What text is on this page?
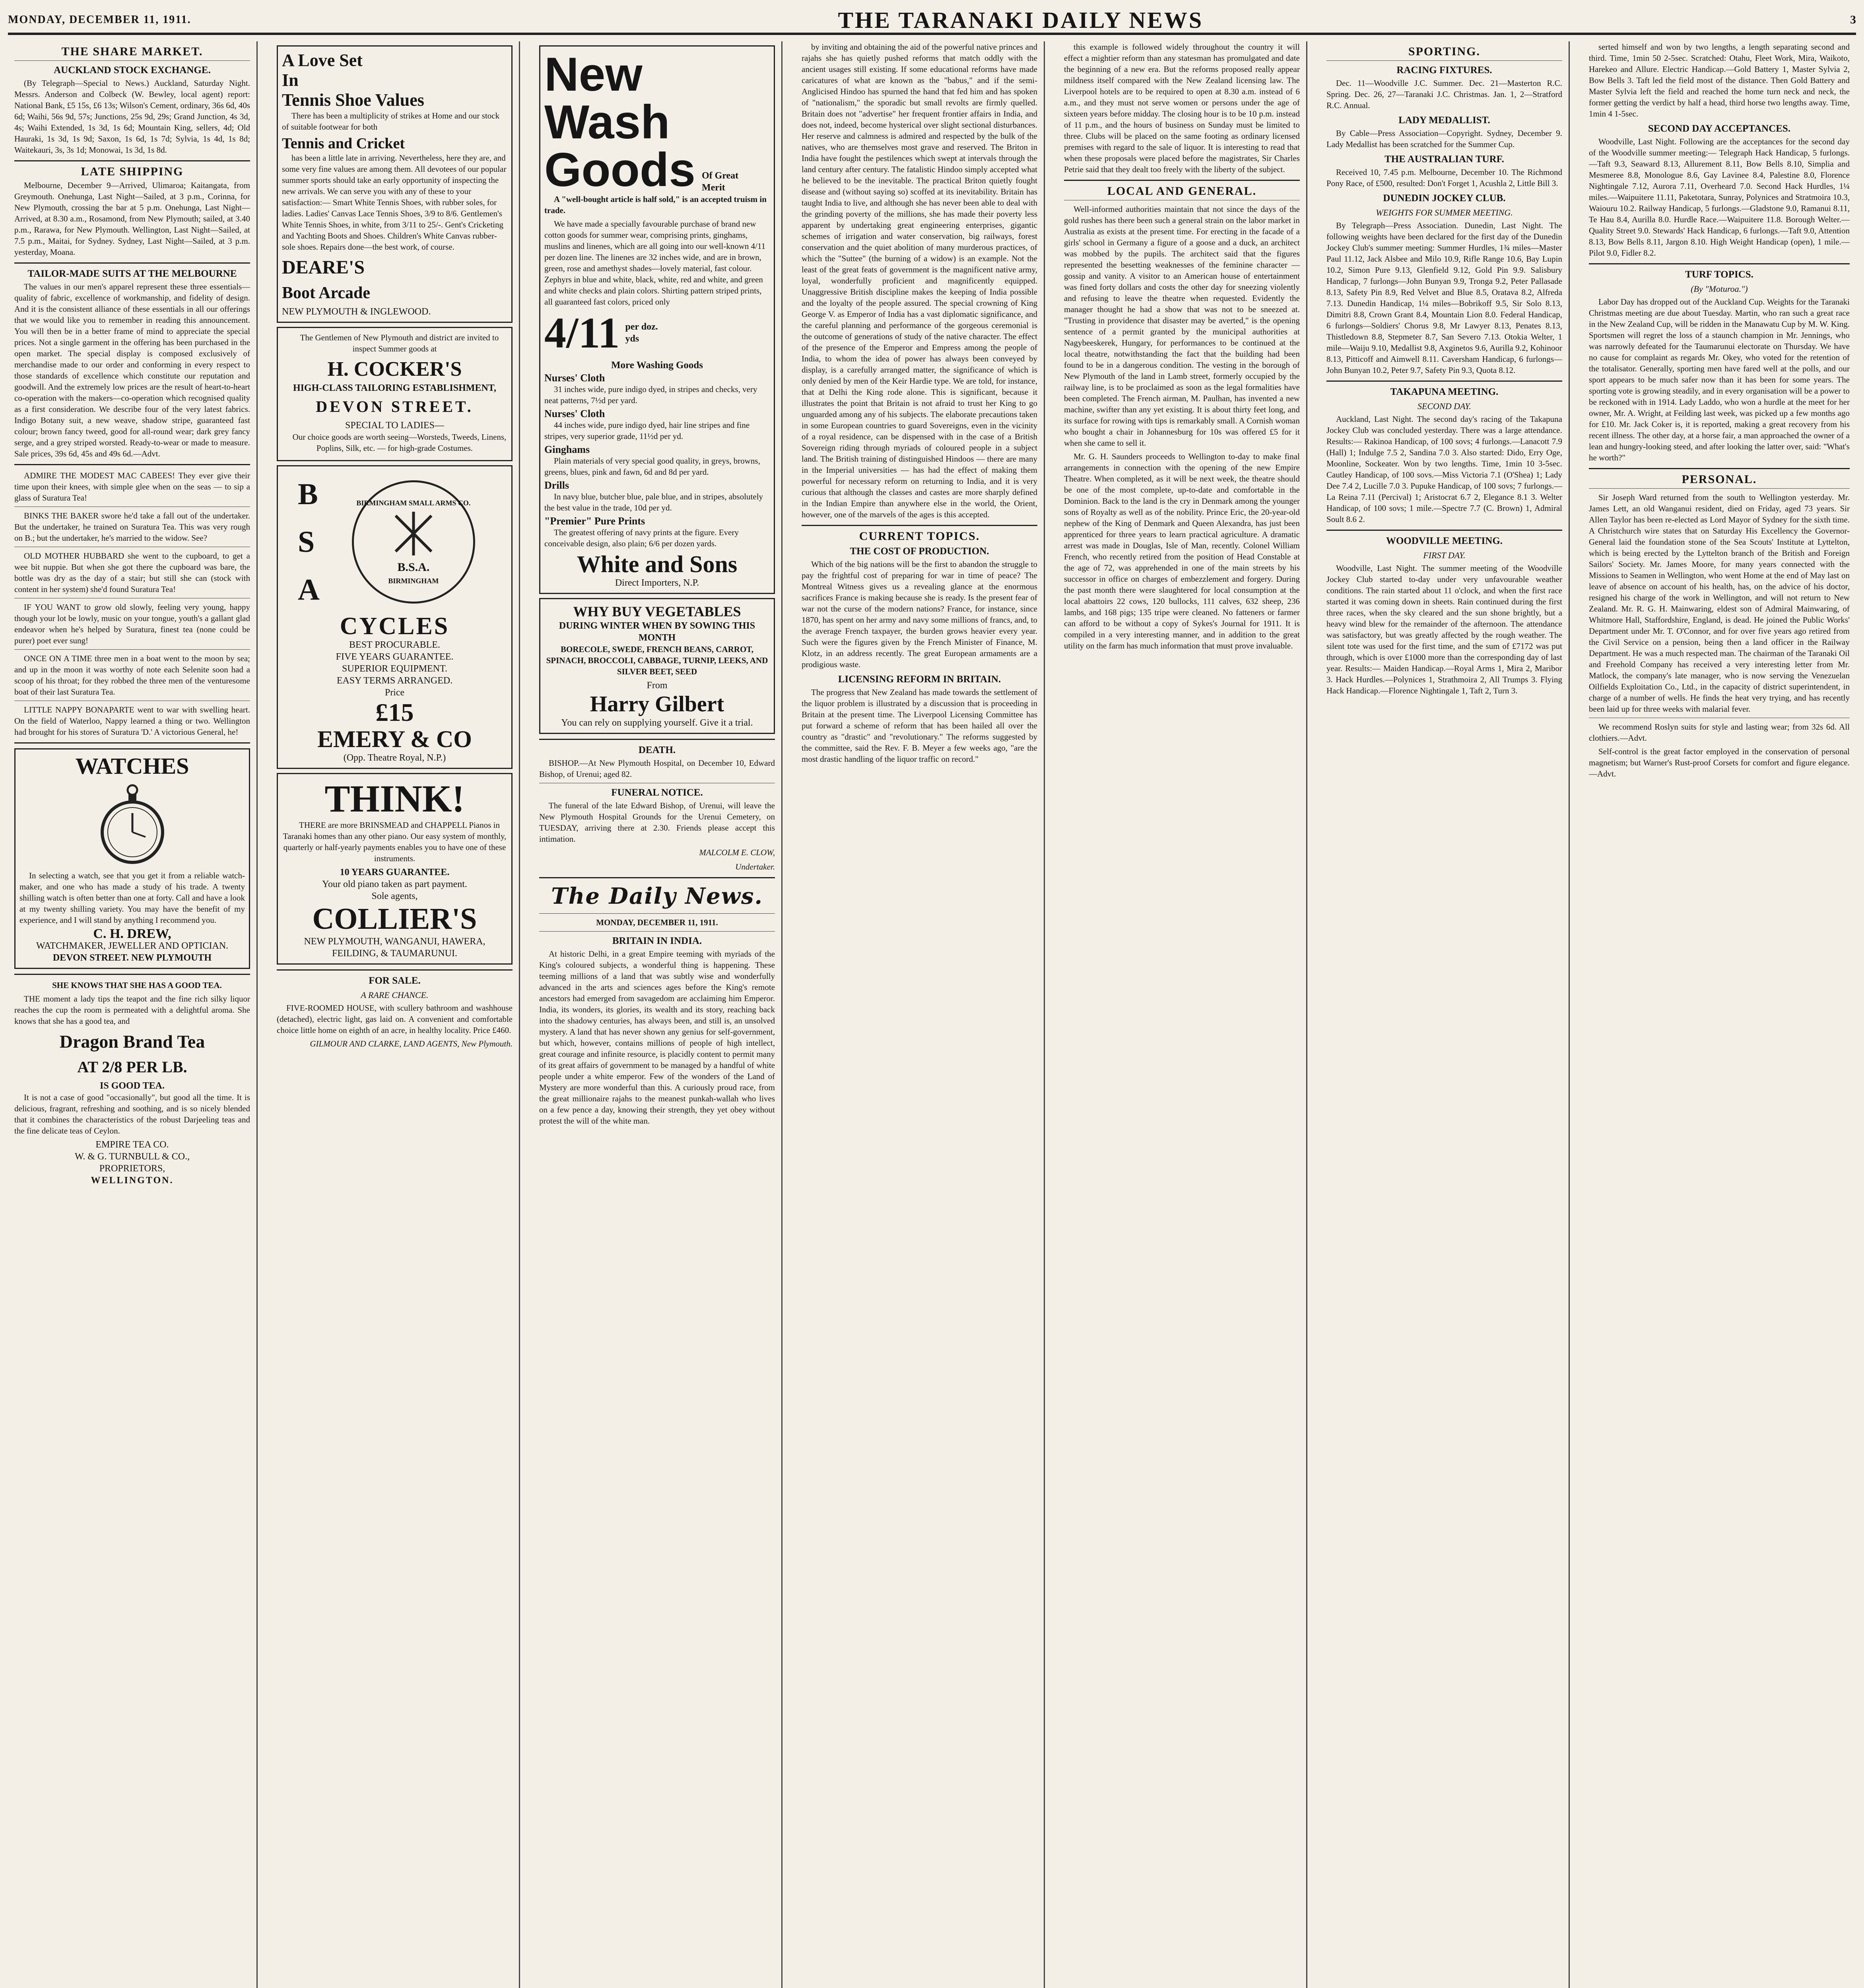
MONDAY, DECEMBER 11, 1911.	THE TARANAKI DAILY NEWS	3
THE SHARE MARKET.
AUCKLAND STOCK EXCHANGE.

(By Telegraph—Special to News.) Auckland, Saturday Night. Messrs. Anderson and Colbeck (W. Bewley, local agent) report: National Bank, £5 15s, £6 13s; Wilson's Cement, ordinary, 36s 6d, 40s 6d; Waihi, 56s 9d, 57s; Junctions, 25s 9d, 29s; Grand Junction, 4s 3d, 4s; Waihi Extended, 1s 3d, 1s 6d; Mountain King, sellers, 4d; Old Hauraki, 1s 3d, 1s 9d; Saxon, 1s 6d, 1s 7d; Sylvia, 1s 4d, 1s 8d; Waitekauri, 3s, 3s 1d; Monowai, 1s 3d, 1s 8d.

LATE SHIPPING

Melbourne, December 9—Arrived, Ulimaroa; Kaitangata, from Greymouth. Onehunga, Last Night—Sailed, at 3 p.m., Corinna, for New Plymouth, crossing the bar at 5 p.m. Onehunga, Last Night—Arrived, at 8.30 a.m., Rosamond, from New Plymouth; sailed, at 3.40 p.m., Rarawa, for New Plymouth. Wellington, Last Night—Sailed, at 7.5 p.m., Maitai, for Sydney. Sydney, Last Night—Sailed, at 3 p.m. yesterday, Moana.

TAILOR-MADE SUITS AT THE MELBOURNE

The values in our men's apparel represent these three essentials—quality of fabric, excellence of workmanship, and fidelity of design. And it is the consistent alliance of these essentials in all our offerings that we would like you to remember in reading this announcement. You will then be in a better frame of mind to appreciate the special prices. Not a single garment in the offering has been purchased in the open market. The special display is composed exclusively of merchandise made to our order and conforming in every respect to those standards of excellence which constitute our reputation and goodwill. And the extremely low prices are the result of heart-to-heart co-operation with the makers—co-operation which recognised quality as a first consideration. We describe four of the very latest fabrics. Indigo Botany suit, a new weave, shadow stripe, guaranteed fast colour; brown fancy tweed, good for all-round wear; dark grey fancy serge, and a grey striped worsted. Ready-to-wear or made to measure. Sale prices, 39s 6d, 45s and 49s 6d.—Advt.

ADMIRE THE MODEST MAC CABEES! They ever give their time upon their knees, with simple glee when on the seas — to sip a glass of Suratura Tea!

BINKS THE BAKER swore he'd take a fall out of the undertaker. But the undertaker, he trained on Suratura Tea. This was very rough on B.; but the undertaker, he's married to the widow. See?

OLD MOTHER HUBBARD she went to the cupboard, to get a wee bit nuppie. But when she got there the cupboard was bare, the bottle was dry as the day of a stair; but still she can (stock with content in her system) she'd found Suratura Tea!

IF YOU WANT to grow old slowly, feeling very young, happy though your lot be lowly, music on your tongue, youth's a gallant glad endeavor when he's helped by Suratura, finest tea (none could be purer) poet ever sung!

ONCE ON A TIME three men in a boat went to the moon by sea; and up in the moon it was worthy of note each Selenite soon had a scoop of his throat; for they robbed the three men of the venturesome boat of their last Suratura Tea.

LITTLE NAPPY BONAPARTE went to war with swelling heart. On the field of Waterloo, Nappy learned a thing or two. Wellington had brought for his stores of Suratura 'D.' A victorious General, he!

WATCHES

In selecting a watch, see that you get it from a reliable watch-maker, and one who has made a study of his trade. A twenty shilling watch is often better than one at forty. Call and have a look at my twenty shilling variety. You may have the benefit of my experience, and I will stand by anything I recommend you.

C. H. DREW,
WATCHMAKER, JEWELLER AND OPTICIAN.
DEVON STREET. NEW PLYMOUTH

SHE KNOWS THAT SHE HAS A GOOD TEA.

THE moment a lady tips the teapot and the fine rich silky liquor reaches the cup the room is permeated with a delightful aroma. She knows that she has a good tea, and

Dragon Brand Tea
AT 2/8 PER LB.
IS GOOD TEA.

It is not a case of good "occasionally", but good all the time. It is delicious, fragrant, refreshing and soothing, and is so nicely blended that it combines the characteristics of the robust Darjeeling teas and the fine delicate teas of Ceylon.

EMPIRE TEA CO.
W. & G. TURNBULL & CO.,
PROPRIETORS,
WELLINGTON.
A Love Set
In
Tennis Shoe Values

There has been a multiplicity of strikes at Home and our stock of suitable footwear for both

Tennis and Cricket

has been a little late in arriving. Nevertheless, here they are, and some very fine values are among them. All devotees of our popular summer sports should take an early opportunity of inspecting the new arrivals. We can serve you with any of these to your satisfaction:— Smart White Tennis Shoes, with rubber soles, for ladies. Ladies' Canvas Lace Tennis Shoes, 3/9 to 8/6. Gentlemen's White Tennis Shoes, in white, from 3/11 to 25/-. Gent's Cricketing and Yachting Boots and Shoes. Children's White Canvas rubber-sole shoes. Repairs done—the best work, of course.

DEARE'S
Boot Arcade
NEW PLYMOUTH & INGLEWOOD.

The Gentlemen of New Plymouth and district are invited to inspect Summer goods at

H. COCKER'S
HIGH-CLASS TAILORING ESTABLISHMENT,
DEVON STREET.
SPECIAL TO LADIES—

Our choice goods are worth seeing—Worsteds, Tweeds, Linens, Poplins, Silk, etc. — for high-grade Costumes.

B
S
A
BIRMINGHAM SMALL ARMS CO.
B.S.A.
BIRMINGHAM
CYCLES
BEST PROCURABLE.
FIVE YEARS GUARANTEE.
SUPERIOR EQUIPMENT.
EASY TERMS ARRANGED.
Price
£15
EMERY & CO
(Opp. Theatre Royal, N.P.)
THINK!

THERE are more BRINSMEAD and CHAPPELL Pianos in Taranaki homes than any other piano. Our easy system of monthly, quarterly or half-yearly payments enables you to have one of these instruments.

10 YEARS GUARANTEE.
Your old piano taken as part payment.
Sole agents,
COLLIER'S
NEW PLYMOUTH, WANGANUI, HAWERA, FEILDING, & TAUMARUNUI.
FOR SALE.
A RARE CHANCE.

FIVE-ROOMED HOUSE, with scullery bathroom and washhouse (detached), electric light, gas laid on. A convenient and comfortable choice little home on eighth of an acre, in healthy locality. Price £460.

GILMOUR AND CLARKE, LAND AGENTS, New Plymouth.

New
Wash
Goods Of Great Merit

A "well-bought article is half sold," is an accepted truism in trade.

We have made a specially favourable purchase of brand new cotton goods for summer wear, comprising prints, ginghams, muslins and linenes, which are all going into our well-known 4/11 per dozen line. The linenes are 32 inches wide, and are in brown, green, rose and amethyst shades—lovely material, fast colour. Zephyrs in blue and white, black, white, red and white, and green and white checks and plain colors. Shirting pattern striped prints, all guaranteed fast colors, priced only

4/11 per doz. yds
More Washing Goods
Nurses' Cloth

31 inches wide, pure indigo dyed, in stripes and checks, very neat patterns, 7½d per yard.

Nurses' Cloth

44 inches wide, pure indigo dyed, hair line stripes and fine stripes, very superior grade, 11½d per yd.

Ginghams

Plain materials of very special good quality, in greys, browns, greens, blues, pink and fawn, 6d and 8d per yard.

Drills

In navy blue, butcher blue, pale blue, and in stripes, absolutely the best value in the trade, 10d per yd.

"Premier" Pure Prints

The greatest offering of navy prints at the figure. Every conceivable design, also plain; 6/6 per dozen yards.

White and Sons
Direct Importers, N.P.
WHY BUY VEGETABLES
DURING WINTER WHEN BY SOWING THIS MONTH

BORECOLE, SWEDE, FRENCH BEANS, CARROT, SPINACH, BROCCOLI, CABBAGE, TURNIP, LEEKS, AND SILVER BEET, SEED

From
Harry Gilbert
You can rely on supplying yourself. Give it a trial.
DEATH.

BISHOP.—At New Plymouth Hospital, on December 10, Edward Bishop, of Urenui; aged 82.

FUNERAL NOTICE.

The funeral of the late Edward Bishop, of Urenui, will leave the New Plymouth Hospital Grounds for the Urenui Cemetery, on TUESDAY, arriving there at 2.30. Friends please accept this intimation.

MALCOLM E. CLOW,

Undertaker.

The Daily News.
MONDAY, DECEMBER 11, 1911.
BRITAIN IN INDIA.

At historic Delhi, in a great Empire teeming with myriads of the King's coloured subjects, a wonderful thing is happening. These teeming millions of a land that was subtly wise and wonderfully advanced in the arts and sciences ages before the King's remote ancestors had emerged from savagedom are acclaiming him Emperor. India, its wonders, its glories, its wealth and its story, reaching back into the shadowy centuries, has always been, and still is, an unsolved mystery. A land that has never shown any genius for self-government, but which, however, contains millions of people of high intellect, great courage and infinite resource, is placidly content to permit many of its great affairs of government to be managed by a handful of white people under a white emperor. Few of the wonders of the Land of Mystery are more wonderful than this. A curiously proud race, from the great millionaire rajahs to the meanest punkah-wallah who lives on a few pence a day, knowing their strength, they yet obey without protest the will of the white man.

by inviting and obtaining the aid of the powerful native princes and rajahs she has quietly pushed reforms that match oddly with the ancient usages still existing. If some educational reforms have made caricatures of what are known as the "babus," and if the semi-Anglicised Hindoo has spurned the hand that fed him and has spoken of "nationalism," the sporadic but small revolts are firmly quelled. Britain does not "advertise" her frequent frontier affairs in India, and does not, indeed, become hysterical over slight sectional disturbances. Her reserve and calmness is admired and respected by the bulk of the natives, who are themselves most grave and reserved. The Briton in India have fought the pestilences which swept at intervals through the land century after century. The fatalistic Hindoo simply accepted what he believed to be the inevitable. The practical Briton quietly fought disease and (without saying so) scoffed at its inevitability. Britain has taught India to live, and although she has never been able to deal with the grinding poverty of the millions, she has made their poverty less apparent by undertaking great engineering enterprises, gigantic schemes of irrigation and water conservation, big railways, forest conservation and the quiet abolition of many murderous practices, of which the "Suttee" (the burning of a widow) is an example. Not the least of the great feats of government is the magnificent native army, loyal, wonderfully proficient and magnificently equipped. Unaggressive British discipline makes the keeping of India possible and the loyalty of the people assured. The special crowning of King George V. as Emperor of India has a vast diplomatic significance, and the careful planning and performance of the gorgeous ceremonial is the outcome of generations of study of the native character. The effect of the presence of the Emperor and Empress among the people of India, to whom the idea of power has always been conveyed by display, is a carefully arranged matter, the significance of which is only denied by men of the Keir Hardie type. We are told, for instance, that at Delhi the King rode alone. This is significant, because it illustrates the point that Britain is not afraid to trust her King to go unguarded among any of his subjects. The elaborate precautions taken in some European countries to guard Sovereigns, even in the vicinity of a royal residence, can be dispensed with in the case of a British Sovereign riding through myriads of coloured people in a subject land. The British training of distinguished Hindoos — there are many in the Imperial universities — has had the effect of making them powerful for necessary reform on returning to India, and it is very curious that although the classes and castes are more sharply defined in the Indian Empire than anywhere else in the world, the Orient, however, one of the marvels of the ages is this accepted.

CURRENT TOPICS.
THE COST OF PRODUCTION.

Which of the big nations will be the first to abandon the struggle to pay the frightful cost of preparing for war in time of peace? The Montreal Witness gives us a revealing glance at the enormous sacrifices France is making because she is ready. Is the present fear of war not the curse of the modern nations? France, for instance, since 1870, has spent on her army and navy some millions of francs, and, to the average French taxpayer, the burden grows heavier every year. Such were the figures given by the French Minister of Finance, M. Klotz, in an address recently. The great European armaments are a prodigious waste.

LICENSING REFORM IN BRITAIN.

The progress that New Zealand has made towards the settlement of the liquor problem is illustrated by a discussion that is proceeding in Britain at the present time. The Liverpool Licensing Committee has put forward a scheme of reform that has been hailed all over the country as "drastic" and "revolutionary." The reforms suggested by the committee, said the Rev. F. B. Meyer a few weeks ago, "are the most drastic handling of the liquor traffic on record."

this example is followed widely throughout the country it will effect a mightier reform than any statesman has promulgated and date the beginning of a new era. But the reforms proposed really appear mildness itself compared with the New Zealand licensing law. The Liverpool hotels are to be required to open at 8.30 a.m. instead of 6 a.m., and they must not serve women or persons under the age of sixteen years before midday. The closing hour is to be 10 p.m. instead of 11 p.m., and the hours of business on Sunday must be limited to three. Clubs will be placed on the same footing as ordinary licensed premises with regard to the sale of liquor. It is interesting to read that when these proposals were placed before the magistrates, Sir Charles Petrie said that they dealt too freely with the liberty of the subject.

LOCAL AND GENERAL.

Well-informed authorities maintain that not since the days of the gold rushes has there been such a general strain on the labor market in Australia as exists at the present time. For erecting in the facade of a girls' school in Germany a figure of a goose and a duck, an architect was mobbed by the pupils. The architect said that the figures represented the besetting weaknesses of the feminine character — gossip and vanity. A visitor to an American house of entertainment was fined forty dollars and costs the other day for sneezing violently and refusing to leave the theatre when requested. Evidently the manager thought he had a show that was not to be sneezed at. "Trusting in providence that disaster may be averted," is the opening sentence of a permit granted by the municipal authorities at Nagybeeskerek, Hungary, for performances to be continued at the local theatre, notwithstanding the fact that the building had been found to be in a dangerous condition. The vesting in the borough of New Plymouth of the land in Lamb street, formerly occupied by the railway line, is to be proclaimed as soon as the legal formalities have been completed. The French airman, M. Paulhan, has invented a new machine, swifter than any yet existing. It is about thirty feet long, and its surface for rowing with tips is remarkably small. A Cornish woman who bought a chair in Johannesburg for 10s was offered £5 for it when she came to sell it.

Mr. G. H. Saunders proceeds to Wellington to-day to make final arrangements in connection with the opening of the new Empire Theatre. When completed, as it will be next week, the theatre should be one of the most complete, up-to-date and comfortable in the Dominion. Back to the land is the cry in Denmark among the younger sons of Royalty as well as of the nobility. Prince Eric, the 20-year-old nephew of the King of Denmark and Queen Alexandra, has just been apprenticed for three years to learn practical agriculture. A dramatic arrest was made in Douglas, Isle of Man, recently. Colonel William French, who recently retired from the position of Head Constable at the age of 72, was apprehended in one of the main streets by his successor in office on charges of embezzlement and forgery. During the past month there were slaughtered for local consumption at the local abattoirs 22 cows, 120 bullocks, 111 calves, 632 sheep, 236 lambs, and 168 pigs; 135 tripe were cleaned. No fatteners or farmer can afford to be without a copy of Sykes's Journal for 1911. It is compiled in a very interesting manner, and in addition to the great utility on the farm has much information that must prove invaluable.

SPORTING.
RACING FIXTURES.

Dec. 11—Woodville J.C. Summer. Dec. 21—Masterton R.C. Spring. Dec. 26, 27—Taranaki J.C. Christmas. Jan. 1, 2—Stratford R.C. Annual.

LADY MEDALLIST.

By Cable—Press Association—Copyright. Sydney, December 9. Lady Medallist has been scratched for the Summer Cup.

THE AUSTRALIAN TURF.

Received 10, 7.45 p.m. Melbourne, December 10. The Richmond Pony Race, of £500, resulted: Don't Forget 1, Acushla 2, Little Bill 3.

DUNEDIN JOCKEY CLUB.
WEIGHTS FOR SUMMER MEETING.

By Telegraph—Press Association. Dunedin, Last Night. The following weights have been declared for the first day of the Dunedin Jockey Club's summer meeting: Summer Hurdles, 1¾ miles—Master Paul 11.12, Jack Alsbee and Milo 10.9, Rifle Range 10.6, Bay Lupin 10.2, Simon Pure 9.13, Glenfield 9.12, Gold Pin 9.9. Salisbury Handicap, 7 furlongs—John Bunyan 9.9, Tronga 9.2, Peter Pallasade 8.13, Safety Pin 8.9, Red Velvet and Blue 8.5, Oratava 8.2, Alfreda 7.13. Dunedin Handicap, 1¼ miles—Bobrikoff 9.5, Sir Solo 8.13, Dimitri 8.8, Crown Grant 8.4, Mountain Lion 8.0. Federal Handicap, 6 furlongs—Soldiers' Chorus 9.8, Mr Lawyer 8.13, Penates 8.13, Thistledown 8.8, Stepmeter 8.7, San Severo 7.13. Otokia Welter, 1 mile—Waiju 9.10, Medallist 9.8, Axginetos 9.6, Aurilla 9.2, Kohinoor 8.13, Pitticoff and Aimwell 8.11. Caversham Handicap, 6 furlongs—John Bunyan 10.2, Peter 9.7, Safety Pin 9.3, Quota 8.12.

TAKAPUNA MEETING.
SECOND DAY.

Auckland, Last Night. The second day's racing of the Takapuna Jockey Club was concluded yesterday. There was a large attendance. Results:— Rakinoa Handicap, of 100 sovs; 4 furlongs.—Lanacott 7.9 (Hall) 1; Indulge 7.5 2, Sandina 7.0 3. Also started: Dido, Erry Oge, Moonline, Sockeater. Won by two lengths. Time, 1min 10 3-5sec. Cautley Handicap, of 100 sovs.—Miss Victoria 7.1 (O'Shea) 1; Lady Dee 7.4 2, Lucille 7.0 3. Pupuke Handicap, of 100 sovs; 7 furlongs.—La Reina 7.11 (Percival) 1; Aristocrat 6.7 2, Elegance 8.1 3. Welter Handicap, of 100 sovs; 1 mile.—Spectre 7.7 (C. Brown) 1, Admiral Soult 8.6 2.

WOODVILLE MEETING.
FIRST DAY.

Woodville, Last Night. The summer meeting of the Woodville Jockey Club started to-day under very unfavourable weather conditions. The rain started about 11 o'clock, and when the first race started it was coming down in sheets. Rain continued during the first three races, when the sky cleared and the sun shone brightly, but a heavy wind blew for the remainder of the afternoon. The attendance was satisfactory, but was greatly affected by the rough weather. The silent tote was used for the first time, and the sum of £7172 was put through, which is over £1000 more than the corresponding day of last year. Results:— Maiden Handicap.—Royal Arms 1, Mira 2, Maribor 3. Hack Hurdles.—Polynices 1, Strathmoira 2, All Trumps 3. Flying Hack Handicap.—Florence Nightingale 1, Taft 2, Turn 3.

serted himself and won by two lengths, a length separating second and third. Time, 1min 50 2-5sec. Scratched: Otahu, Fleet Work, Mira, Waikoto, Harekeo and Allure. Electric Handicap.—Gold Battery 1, Master Sylvia 2, Bow Bells 3. Taft led the field most of the distance. Then Gold Battery and Master Sylvia left the field and reached the home turn neck and neck, the former getting the verdict by half a head, third horse two lengths away. Time, 1min 4 1-5sec.

SECOND DAY ACCEPTANCES.

Woodville, Last Night. Following are the acceptances for the second day of the Woodville summer meeting:— Telegraph Hack Handicap, 5 furlongs.—Taft 9.3, Seaward 8.13, Allurement 8.11, Bow Bells 8.10, Simplia and Mesmeree 8.8, Monologue 8.6, Gay Lavinee 8.4, Palestine 8.0, Florence Nightingale 7.12, Aurora 7.11, Overheard 7.0. Second Hack Hurdles, 1¼ miles.—Waipuitere 11.11, Paketotara, Sunray, Polynices and Stratmoira 10.3, Waiouru 10.2. Railway Handicap, 5 furlongs.—Gladstone 9.0, Ramanui 8.11, Te Hau 8.4, Aurilla 8.0. Hurdle Race.—Waipuitere 11.8. Borough Welter.—Quality Street 9.0. Stewards' Hack Handicap, 6 furlongs.—Taft 9.0, Attention 8.13, Bow Bells 8.11, Jargon 8.10. High Weight Handicap (open), 1 mile.—Pilot 9.0, Fidler 8.2.

TURF TOPICS.
(By "Moturoa.")

Labor Day has dropped out of the Auckland Cup. Weights for the Taranaki Christmas meeting are due about Tuesday. Martin, who ran such a great race in the New Zealand Cup, will be ridden in the Manawatu Cup by M. W. King. Sportsmen will regret the loss of a staunch champion in Mr. Jennings, who was narrowly defeated for the Taumarunui electorate on Thursday. We have no cause for complaint as regards Mr. Okey, who voted for the retention of the totalisator. Generally, sporting men have fared well at the polls, and our sport appears to be much safer now than it has been for some years. The sporting vote is growing steadily, and in every organisation will be a power to be reckoned with in 1914. Lady Laddo, who won a hurdle at the meet for her owner, Mr. A. Wright, at Feilding last week, was picked up a few months ago for £10. Mr. Jack Coker is, it is reported, making a great recovery from his recent illness. The other day, at a horse fair, a man approached the owner of a lean and hungry-looking steed, and after looking the latter over, said: "What's he worth?"

PERSONAL.

Sir Joseph Ward returned from the south to Wellington yesterday. Mr. James Lett, an old Wanganui resident, died on Friday, aged 73 years. Sir Allen Taylor has been re-elected as Lord Mayor of Sydney for the sixth time. A Christchurch wire states that on Saturday His Excellency the Governor-General laid the foundation stone of the Sea Scouts' Institute at Lyttelton, which is being erected by the Lyttelton branch of the British and Foreign Sailors' Society. Mr. James Moore, for many years connected with the Missions to Seamen in Wellington, who went Home at the end of May last on leave of absence on account of his health, has, on the advice of his doctor, resigned his charge of the work in Wellington, and will not return to New Zealand. Mr. R. G. H. Mainwaring, eldest son of Admiral Mainwaring, of Whitmore Hall, Staffordshire, England, is dead. He joined the Public Works' Department under Mr. T. O'Connor, and for over five years ago retired from the Civil Service on a pension, being then a land officer in the Railway Department. He was a much respected man. The chairman of the Taranaki Oil and Freehold Company has received a very interesting letter from Mr. Matlock, the company's late manager, who is now serving the Venezuelan Oilfields Exploitation Co., Ltd., in the capacity of district superintendent, in charge of a number of wells. He finds the heat very trying, and has recently been laid up for three weeks with malarial fever.

We recommend Roslyn suits for style and lasting wear; from 32s 6d. All clothiers.—Advt.

Self-control is the great factor employed in the conservation of personal magnetism; but Warner's Rust-proof Corsets for comfort and figure elegance.—Advt.
